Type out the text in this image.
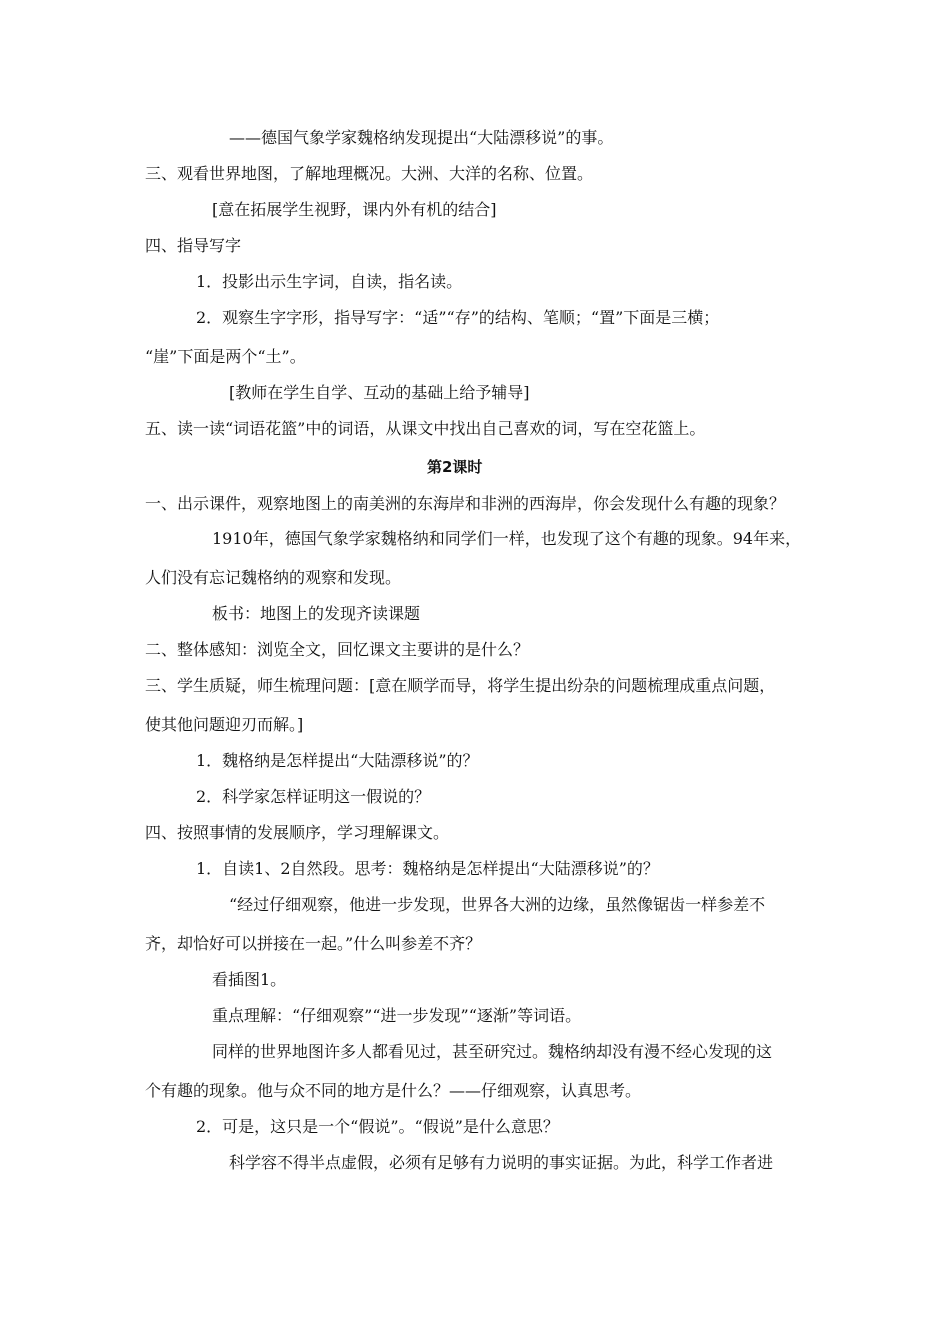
——德国气象学家魏格纳发现提出“大陆漂移说”的事。
三、观看世界地图，了解地理概况。大洲、大洋的名称、位置。
[意在拓展学生视野，课内外有机的结合]
四、指导写字
1．投影出示生字词，自读，指名读。
2．观察生字字形，指导写字：“适”“存”的结构、笔顺；“置”下面是三横；
“崖”下面是两个“土”。
[教师在学生自学、互动的基础上给予辅导]
五、读一读“词语花篮”中的词语，从课文中找出自己喜欢的词，写在空花篮上。
第2课时
一、出示课件，观察地图上的南美洲的东海岸和非洲的西海岸，你会发现什么有趣的现象？
1910年，德国气象学家魏格纳和同学们一样，也发现了这个有趣的现象。94年来，
人们没有忘记魏格纳的观察和发现。
板书：地图上的发现齐读课题
二、整体感知：浏览全文，回忆课文主要讲的是什么？
三、学生质疑，师生梳理问题：[意在顺学而导，将学生提出纷杂的问题梳理成重点问题，
使其他问题迎刃而解。]
1．魏格纳是怎样提出“大陆漂移说”的？
2．科学家怎样证明这一假说的？
四、按照事情的发展顺序，学习理解课文。
1．自读1、2自然段。思考：魏格纳是怎样提出“大陆漂移说”的？
“经过仔细观察，他进一步发现，世界各大洲的边缘，虽然像锯齿一样参差不
齐，却恰好可以拼接在一起。”什么叫参差不齐？
看插图1。
重点理解：“仔细观察”“进一步发现”“逐渐”等词语。
同样的世界地图许多人都看见过，甚至研究过。魏格纳却没有漫不经心发现的这
个有趣的现象。他与众不同的地方是什么？——仔细观察，认真思考。
2．可是，这只是一个“假说”。“假说”是什么意思？
科学容不得半点虚假，必须有足够有力说明的事实证据。为此，科学工作者进
